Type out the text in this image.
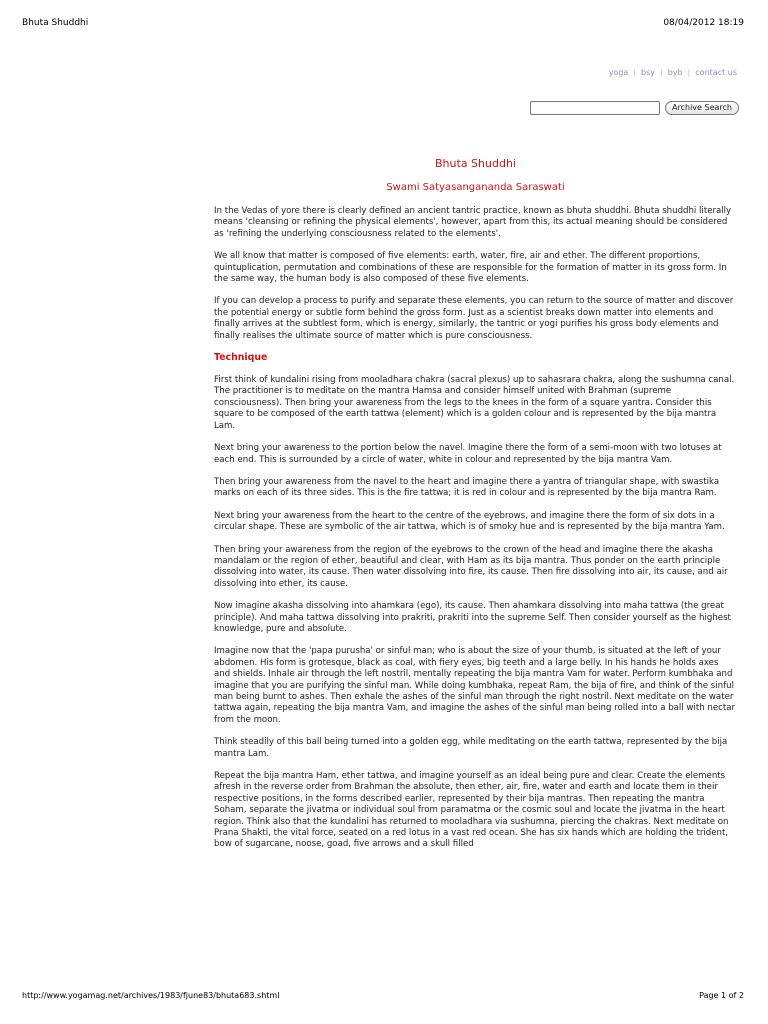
Bhuta Shuddhi	08/04/2012 18:19
yoga | bsy | byb | contact us
Archive Search
Bhuta Shuddhi
Swami Satyasangananda Saraswati

In the Vedas of yore there is clearly defined an ancient tantric practice, known as bhuta shuddhi. Bhuta shuddhi literally means 'cleansing or refining the physical elements', however, apart from this, its actual meaning should be considered as 'refining the underlying consciousness related to the elements'.

We all know that matter is composed of five elements: earth, water, fire, air and ether. The different proportions, quintuplication, permutation and combinations of these are responsible for the formation of matter in its gross form. In the same way, the human body is also composed of these five elements.

If you can develop a process to purify and separate these elements, you can return to the source of matter and discover the potential energy or subtle form behind the gross form. Just as a scientist breaks down matter into elements and finally arrives at the subtlest form, which is energy, similarly, the tantric or yogi purifies his gross body elements and finally realises the ultimate source of matter which is pure consciousness.

Technique

First think of kundalini rising from mooladhara chakra (sacral plexus) up to sahasrara chakra, along the sushumna canal. The practitioner is to meditate on the mantra Hamsa and consider himself united with Brahman (supreme consciousness). Then bring your awareness from the legs to the knees in the form of a square yantra. Consider this square to be composed of the earth tattwa (element) which is a golden colour and is represented by the bija mantra Lam.

Next bring your awareness to the portion below the navel. Imagine there the form of a semi-moon with two lotuses at each end. This is surrounded by a circle of water, white in colour and represented by the bija mantra Vam.

Then bring your awareness from the navel to the heart and imagine there a yantra of triangular shape, with swastika marks on each of its three sides. This is the fire tattwa; it is red in colour and is represented by the bija mantra Ram.

Next bring your awareness from the heart to the centre of the eyebrows, and imagine there the form of six dots in a circular shape. These are symbolic of the air tattwa, which is of smoky hue and is represented by the bija mantra Yam.

Then bring your awareness from the region of the eyebrows to the crown of the head and imagine there the akasha mandalam or the region of ether, beautiful and clear, with Ham as its bija mantra. Thus ponder on the earth principle dissolving into water, its cause. Then water dissolving into fire, its cause. Then fire dissolving into air, its cause, and air dissolving into ether, its cause.

Now imagine akasha dissolving into ahamkara (ego), its cause. Then ahamkara dissolving into maha tattwa (the great principle). And maha tattwa dissolving into prakriti, prakriti into the supreme Self. Then consider yourself as the highest knowledge, pure and absolute.

Imagine now that the 'papa purusha' or sinful man; who is about the size of your thumb, is situated at the left of your abdomen. His form is grotesque, black as coal, with fiery eyes, big teeth and a large belly. In his hands he holds axes and shields. Inhale air through the left nostril, mentally repeating the bija mantra Vam for water. Perform kumbhaka and imagine that you are purifying the sinful man. While doing kumbhaka, repeat Ram, the bija of fire, and think of the sinful man being burnt to ashes. Then exhale the ashes of the sinful man through the right nostril. Next meditate on the water tattwa again, repeating the bija mantra Vam, and imagine the ashes of the sinful man being rolled into a ball with nectar from the moon.

Think steadily of this ball being turned into a golden egg, while meditating on the earth tattwa, represented by the bija mantra Lam.

Repeat the bija mantra Ham, ether tattwa, and imagine yourself as an ideal being pure and clear. Create the elements afresh in the reverse order from Brahman the absolute, then ether, air, fire, water and earth and locate them in their respective positions, in the forms described earlier, represented by their bija mantras. Then repeating the mantra Soham, separate the jivatma or individual soul from paramatma or the cosmic soul and locate the jivatma in the heart region. Think also that the kundalini has returned to mooladhara via sushumna, piercing the chakras. Next meditate on Prana Shakti, the vital force, seated on a red lotus in a vast red ocean. She has six hands which are holding the trident, bow of sugarcane, noose, goad, five arrows and a skull filled

http://www.yogamag.net/archives/1983/fjune83/bhuta683.shtml	Page 1 of 2
